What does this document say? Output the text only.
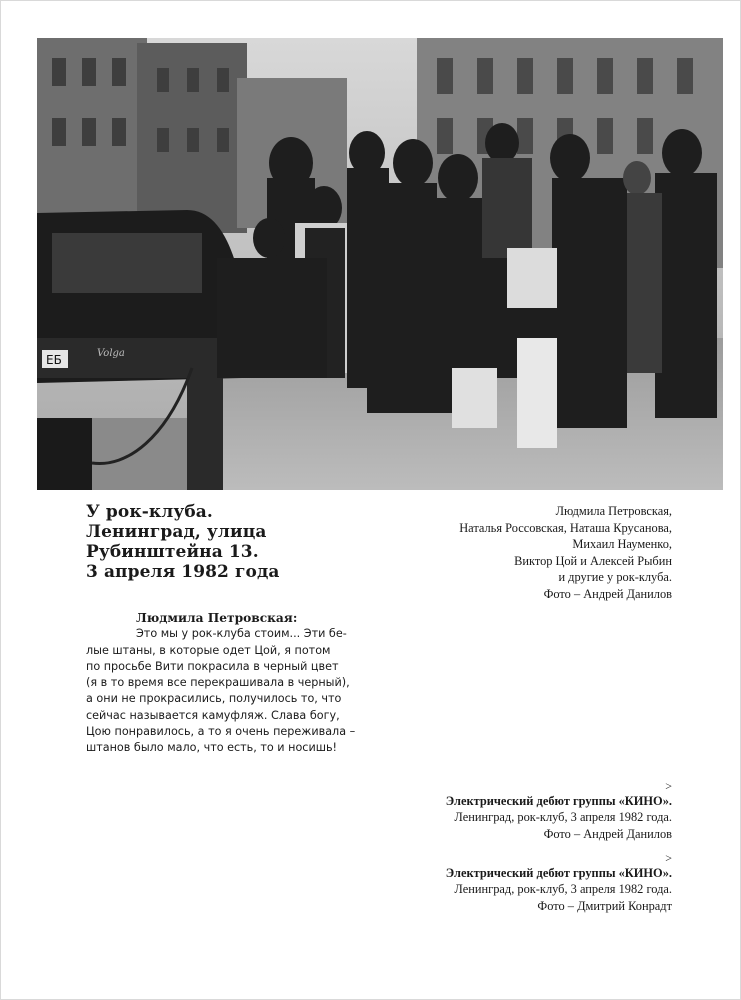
ЕБ	Volga
У рок-клуба.
Ленинград, улица
Рубинштейна 13.
3 апреля 1982 года

Людмила Петровская,
Наталья Россовская, Наташа Крусанова,
Михаил Науменко,
Виктор Цой и Алексей Рыбин
и другие у рок-клуба.
Фото – Андрей Данилов

Людмила Петровская:
Это мы у рок-клуба стоим... Эти бе-
лые штаны, в которые одет Цой, я потом
по просьбе Вити покрасила в черный цвет
(я в то время все перекрашивала в черный),
а они не прокрасились, получилось то, что
сейчас называется камуфляж. Слава богу,
Цою понравилось, а то я очень переживала –
штанов было мало, что есть, то и носишь!
>
Электрический дебют группы «КИНО».
Ленинград, рок-клуб, 3 апреля 1982 года.
Фото – Андрей Данилов
>
Электрический дебют группы «КИНО».
Ленинград, рок-клуб, 3 апреля 1982 года.
Фото – Дмитрий Конрадт
